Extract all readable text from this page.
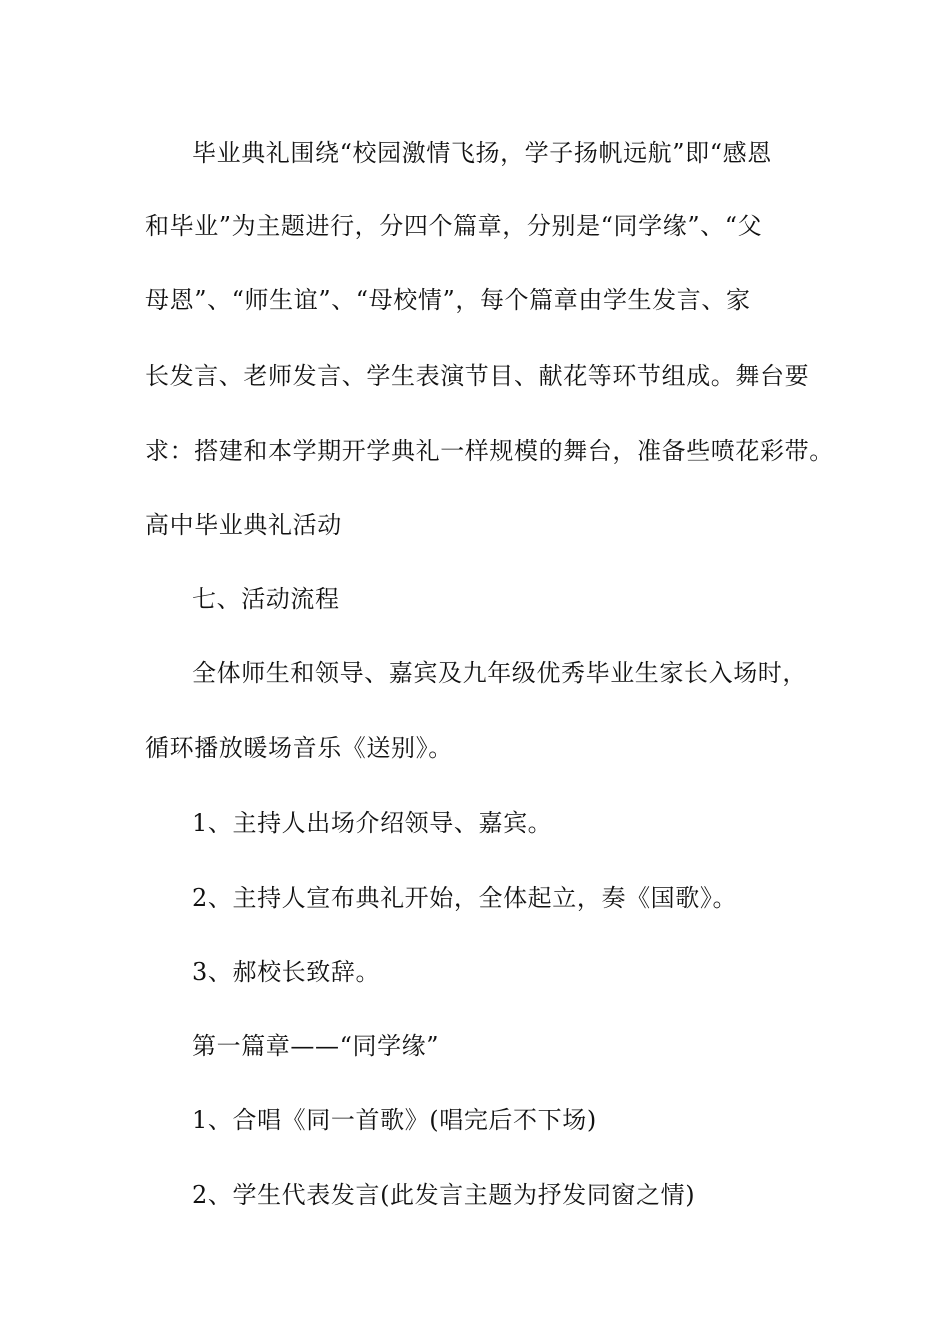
毕业典礼围绕“校园激情飞扬，学子扬帆远航”即“感恩
和毕业”为主题进行，分四个篇章，分别是“同学缘”、“父
母恩”、“师生谊”、“母校情”，每个篇章由学生发言、家
长发言、老师发言、学生表演节目、献花等环节组成。舞台要
求：搭建和本学期开学典礼一样规模的舞台，准备些喷花彩带。
高中毕业典礼活动
七、活动流程
全体师生和领导、嘉宾及九年级优秀毕业生家长入场时，
循环播放暖场音乐《送别》。
1、主持人出场介绍领导、嘉宾。
2、主持人宣布典礼开始，全体起立，奏《国歌》。
3、郝校长致辞。
第一篇章——“同学缘”
1、合唱《同一首歌》(唱完后不下场)
2、学生代表发言(此发言主题为抒发同窗之情)
